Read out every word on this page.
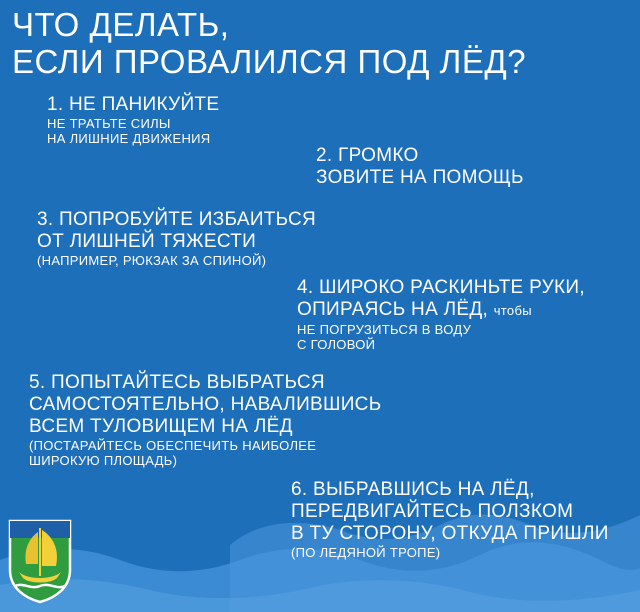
ЧТО ДЕЛАТЬ,
ЕСЛИ ПРОВАЛИЛСЯ ПОД ЛЁД?
1. НЕ ПАНИКУЙТЕ
НЕ ТРАТЬТЕ СИЛЫ
НА ЛИШНИЕ ДВИЖЕНИЯ
2. ГРОМКО
ЗОВИТЕ НА ПОМОЩЬ
3. ПОПРОБУЙТЕ ИЗБАИТЬСЯ
ОТ ЛИШНЕЙ ТЯЖЕСТИ
(НАПРИМЕР, РЮКЗАК ЗА СПИНОЙ)
4. ШИРОКО РАСКИНЬТЕ РУКИ,
ОПИРАЯСЬ НА ЛЁД, чтобы
НЕ ПОГРУЗИТЬСЯ В ВОДУ
С ГОЛОВОЙ
5. ПОПЫТАЙТЕСЬ ВЫБРАТЬСЯ
САМОСТОЯТЕЛЬНО, НАВАЛИВШИСЬ
ВСЕМ ТУЛОВИЩЕМ НА ЛЁД
(ПОСТАРАЙТЕСЬ ОБЕСПЕЧИТЬ НАИБОЛЕЕ
ШИРОКУЮ ПЛОЩАДЬ)
6. ВЫБРАВШИСЬ НА ЛЁД,
ПЕРЕДВИГАЙТЕСЬ ПОЛЗКОМ
В ТУ СТОРОНУ, ОТКУДА ПРИШЛИ
(ПО ЛЕДЯНОЙ ТРОПЕ)
